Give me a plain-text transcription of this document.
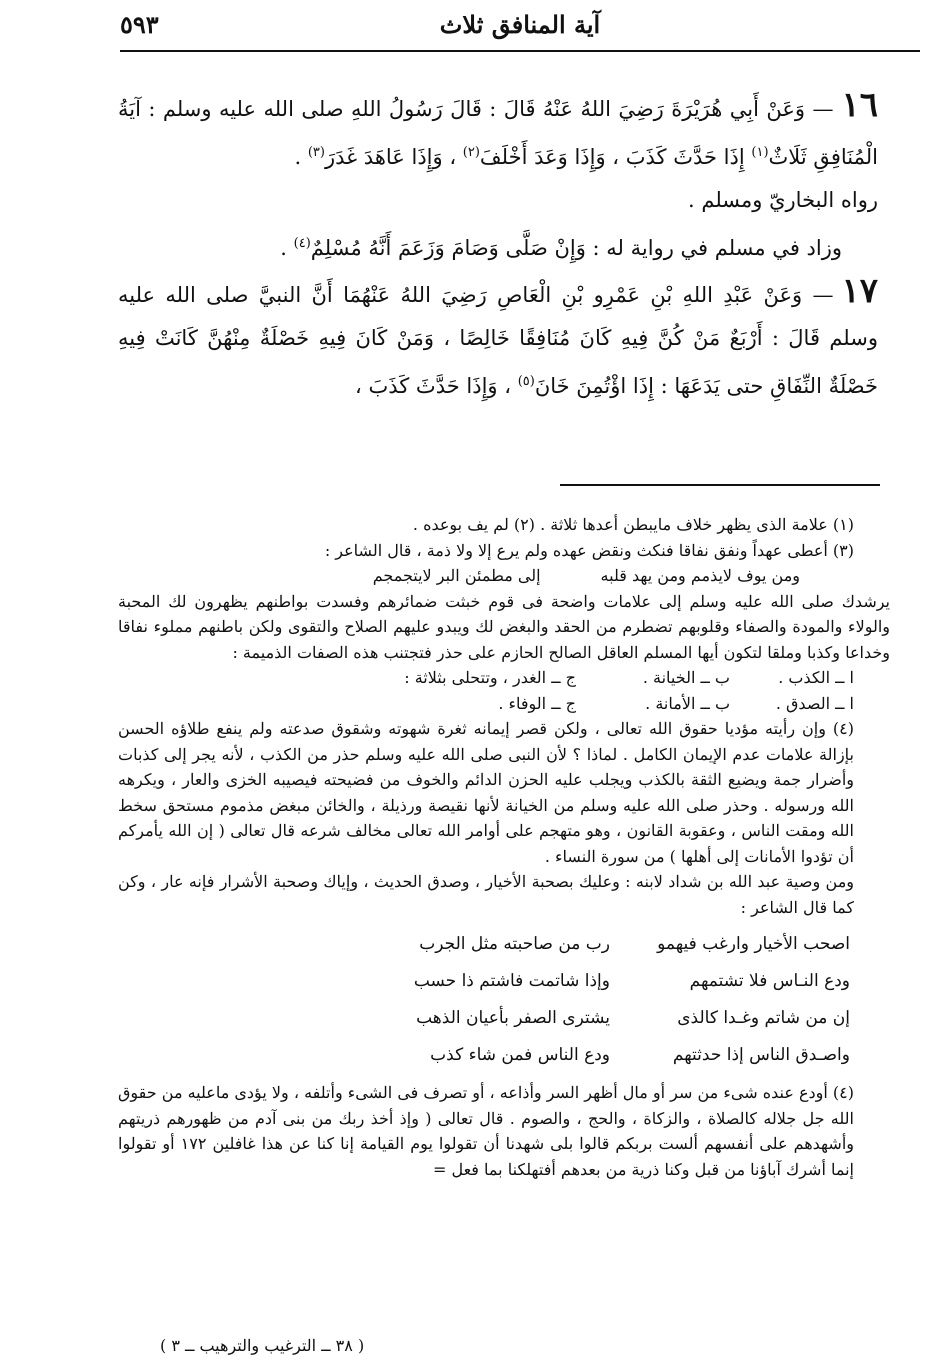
آية المنافق ثلاث
٥٩٣

١٦— وَعَنْ أَبِي هُرَيْرَةَ رَضِيَ اللهُ عَنْهُ قَالَ : قَالَ رَسُولُ اللهِ صلى الله عليه وسلم : آيَةُ الْمُنَافِقِ ثَلَاثٌ$^{(١)}$ إِذَا حَدَّثَ كَذَبَ ، وَإِذَا وَعَدَ أَخْلَفَ$^{(٢)}$ ، وَإِذَا عَاهَدَ غَدَرَ$^{(٣)}$ .

رواه البخاريّ ومسلم .

وزاد في مسلم في رواية له : وَإِنْ صَلَّى وَصَامَ وَزَعَمَ أَنَّهُ مُسْلِمٌ$^{(٤)}$ .

١٧— وَعَنْ عَبْدِ اللهِ بْنِ عَمْرِو بْنِ الْعَاصِ رَضِيَ اللهُ عَنْهُمَا أَنَّ النبيَّ صلى الله عليه وسلم قَالَ : أَرْبَعٌ مَنْ كُنَّ فِيهِ كَانَ مُنَافِقًا خَالِصًا ، وَمَنْ كَانَ فِيهِ خَصْلَةٌ مِنْهُنَّ كَانَتْ فِيهِ خَصْلَةٌ النِّفَاقِ حتى يَدَعَهَا : إِذَا اؤْتُمِنَ خَانَ$^{(٥)}$ ، وَإِذَا حَدَّثَ كَذَبَ ،

(١) علامة الذى يظهر خلاف مايبطن أعدها ثلاثة . (٢) لم يف بوعده .

(٣) أعطى عهداً ونفق نفاقا فنكث ونقض عهده ولم يرع إلا ولا ذمة ، قال الشاعر :

ومن يوف لايذمم ومن يهد قلبه
إلى مطمئن البر لايتجمجم

يرشدك صلى الله عليه وسلم إلى علامات واضحة فى قوم خبثت ضمائرهم وفسدت بواطنهم يظهرون لك المحبة والولاء والمودة والصفاء وقلوبهم تضطرم من الحقد والبغض لك ويبدو عليهم الصلاح والتقوى ولكن باطنهم مملوء نفاقا وخداعا وكذبا وملقا لتكون أيها المسلم العاقل الصالح الحازم على حذر فتجتنب هذه الصفات الذميمة :

ا ــ الكذب .
ب ــ الخيانة .
ج ــ الغدر ، وتتحلى بثلاثة :
ا ــ الصدق .
ب ــ الأمانة .
ج ــ الوفاء .

(٤) وإن رأيته مؤديا حقوق الله تعالى ، ولكن قصر إيمانه ثغرة شهوته وشقوق صدعته ولم ينفع طلاؤه الحسن بإزالة علامات عدم الإيمان الكامل . لماذا ؟ لأن النبى صلى الله عليه وسلم حذر من الكذب ، لأنه يجر إلى كذبات وأضرار جمة ويضيع الثقة بالكذب ويجلب عليه الحزن الدائم والخوف من فضيحته فيصيبه الخزى والعار ، ويكرهه الله ورسوله . وحذر صلى الله عليه وسلم من الخيانة لأنها نقيصة ورذيلة ، والخائن مبغض مذموم مستحق سخط الله ومقت الناس ، وعقوبة القانون ، وهو متهجم على أوامر الله تعالى مخالف شرعه قال تعالى ( إن الله يأمركم أن تؤدوا الأمانات إلى أهلها ) من سورة النساء .

ومن وصية عبد الله بن شداد لابنه : وعليك بصحبة الأخيار ، وصدق الحديث ، وإياك وصحبة الأشرار فإنه عار ، وكن كما قال الشاعر :

اصحب الأخيار وارغب فيهمو
رب من صاحبته مثل الجرب
ودع النـاس فلا تشتمهم
وإذا شاتمت فاشتم ذا حسب
إن من شاتم وغـدا كالذى
يشترى الصفر بأعيان الذهب
واصـدق الناس إذا حدثتهم
ودع الناس فمن شاء كذب

(٤) أودع عنده شىء من سر أو مال أظهر السر وأذاعه ، أو تصرف فى الشىء وأتلفه ، ولا يؤدى ماعليه من حقوق الله جل جلاله كالصلاة ، والزكاة ، والحج ، والصوم . قال تعالى ( وإذ أخذ ربك من بنى آدم من ظهورهم ذريتهم وأشهدهم على أنفسهم ألست بربكم قالوا بلى شهدنا أن تقولوا يوم القيامة إنا كنا عن هذا غافلين ١٧٢ أو تقولوا إنما أشرك آباؤنا من قبل وكنا ذرية من بعدهم أفتهلكنا بما فعل =

( ٣٨ ــ الترغيب والترهيب ــ ٣ )
